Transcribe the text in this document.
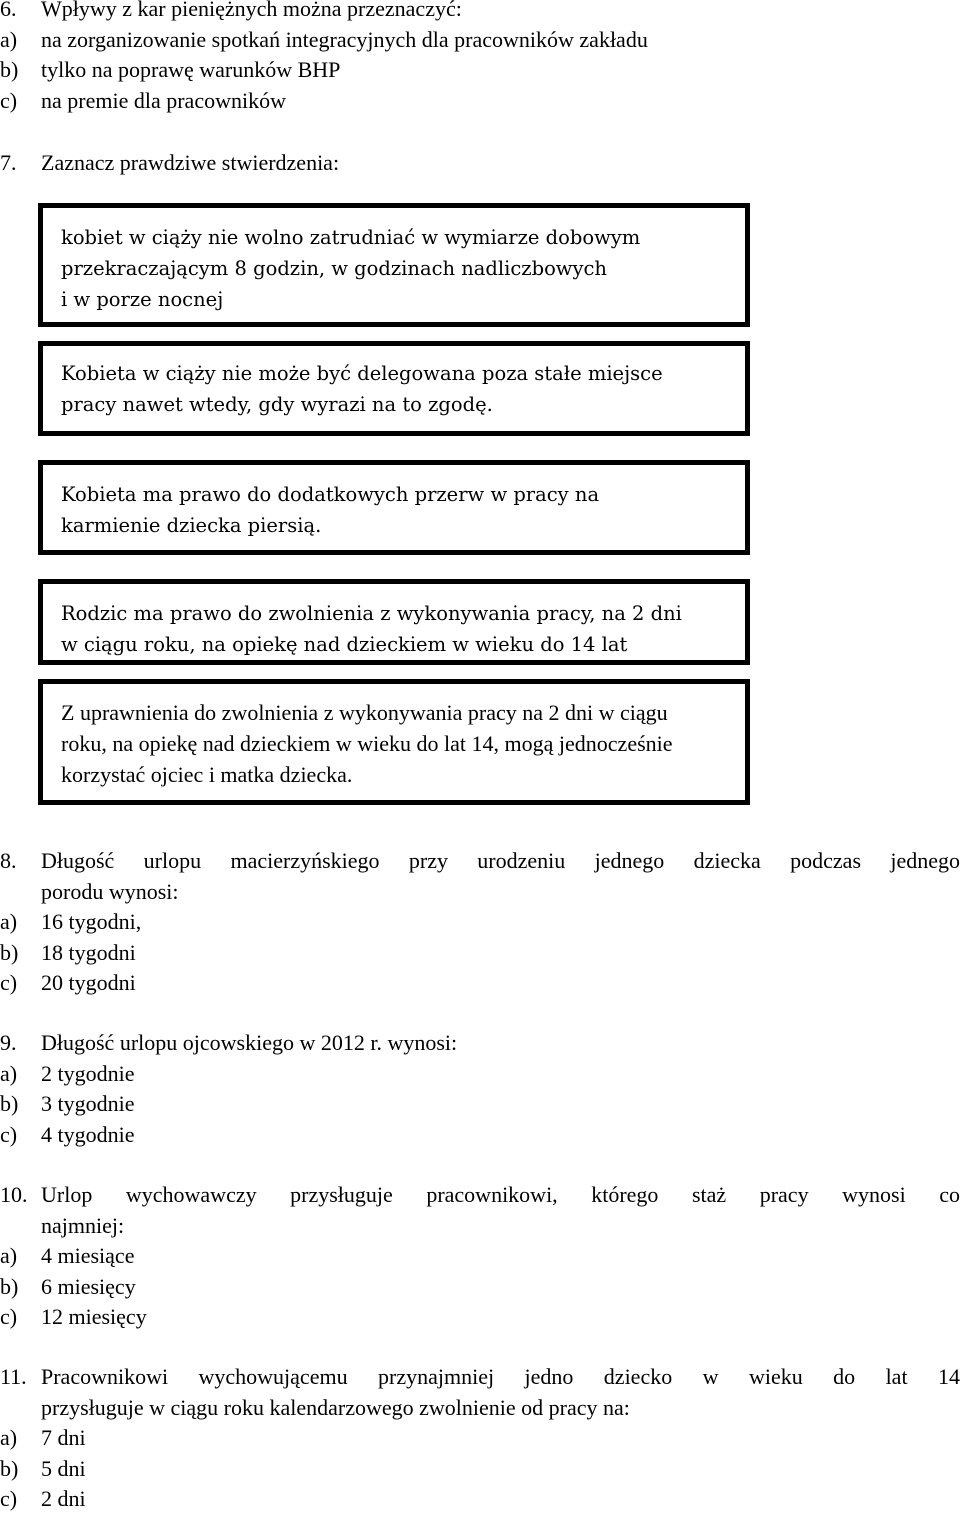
6. Wpływy z kar pieniężnych można przeznaczyć:
a) na zorganizowanie spotkań integracyjnych dla pracowników zakładu
b) tylko na poprawę warunków BHP
c) na premie dla pracowników
7. Zaznacz prawdziwe stwierdzenia:

kobiet w ciąży nie wolno zatrudniać w wymiarze dobowym

przekraczającym 8 godzin, w godzinach nadliczbowych

i w porze nocnej

Kobieta w ciąży nie może być delegowana poza stałe miejsce

pracy nawet wtedy, gdy wyrazi na to zgodę.

Kobieta ma prawo do dodatkowych przerw w pracy na

karmienie dziecka piersią.

Rodzic ma prawo do zwolnienia z wykonywania pracy, na 2 dni

w ciągu roku, na opiekę nad dzieckiem w wieku do 14 lat

Z uprawnienia do zwolnienia z wykonywania pracy na 2 dni w ciągu

roku, na opiekę nad dzieckiem w wieku do lat 14, mogą jednocześnie

korzystać ojciec i matka dziecka.

8. Długość urlopu macierzyńskiego przy urodzeniu jednego dziecka podczas jednego
porodu wynosi:
a) 16 tygodni,
b) 18 tygodni
c) 20 tygodni
9. Długość urlopu ojcowskiego w 2012 r. wynosi:
a) 2 tygodnie
b) 3 tygodnie
c) 4 tygodnie
10. Urlop wychowawczy przysługuje pracownikowi, którego staż pracy wynosi co
najmniej:
a) 4 miesiące
b) 6 miesięcy
c) 12 miesięcy
11. Pracownikowi wychowującemu przynajmniej jedno dziecko w wieku do lat 14
przysługuje w ciągu roku kalendarzowego zwolnienie od pracy na:
a) 7 dni
b) 5 dni
c) 2 dni
